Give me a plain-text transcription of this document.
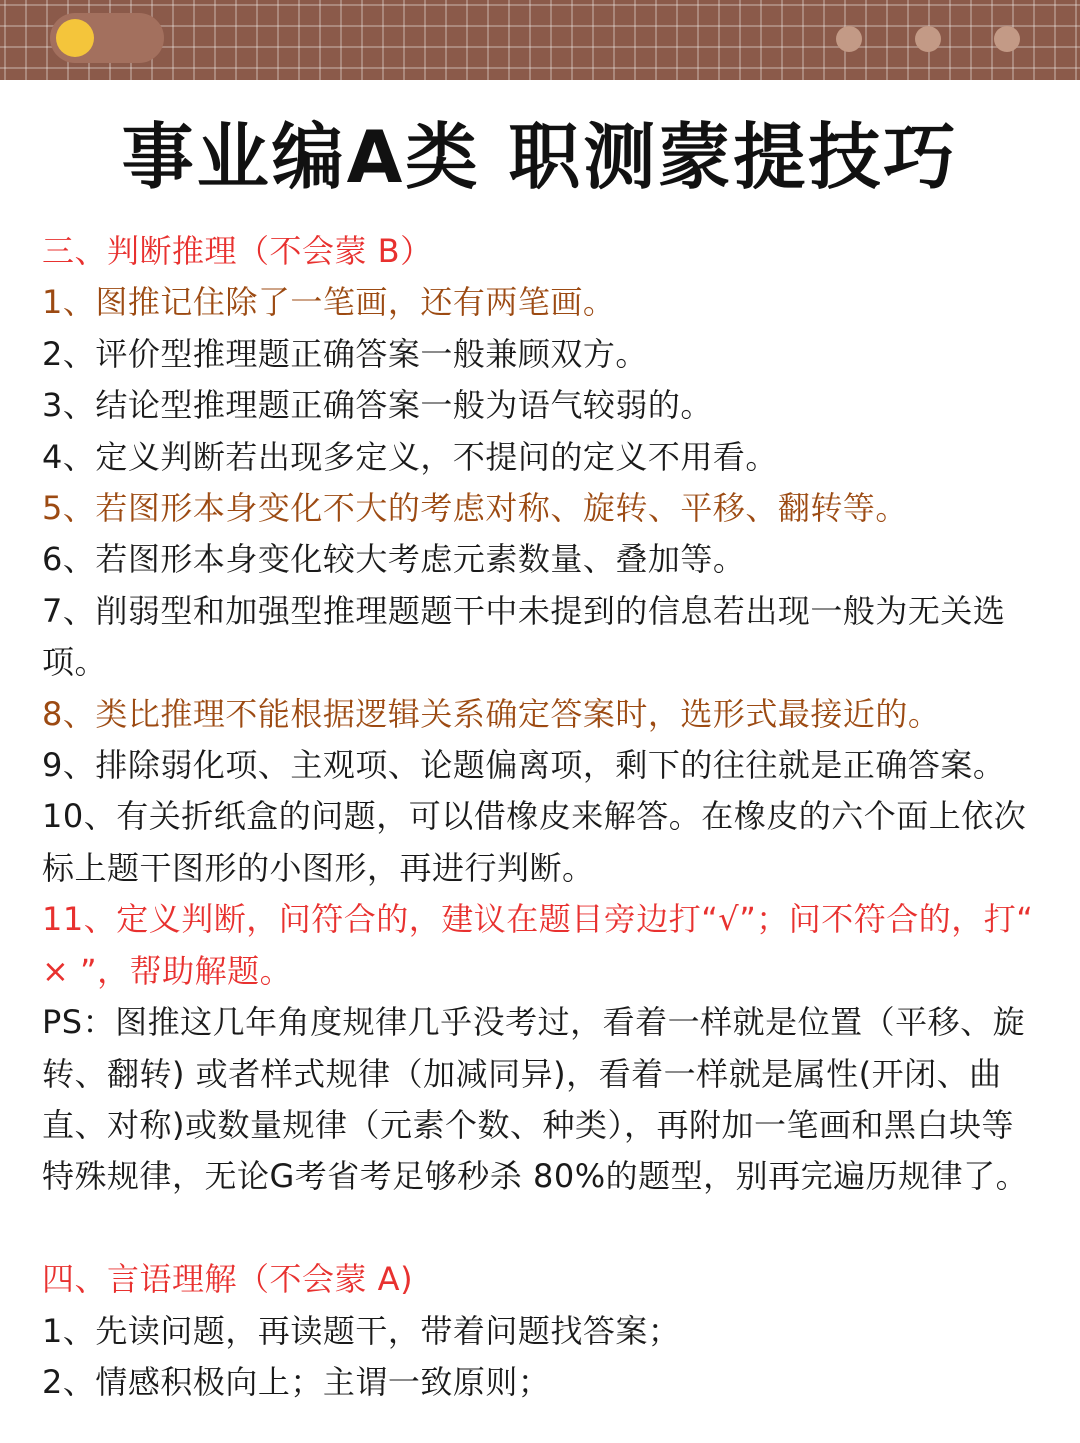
事业编A类 职测蒙提技巧
三、判断推理（不会蒙 B）
1、图推记住除了一笔画，还有两笔画。
2、评价型推理题正确答案一般兼顾双方。
3、结论型推理题正确答案一般为语气较弱的。
4、定义判断若出现多定义，不提问的定义不用看。
5、若图形本身变化不大的考虑对称、旋转、平移、翻转等。
6、若图形本身变化较大考虑元素数量、叠加等。
7、削弱型和加强型推理题题干中未提到的信息若出现一般为无关选项。
8、类比推理不能根据逻辑关系确定答案时，选形式最接近的。
9、排除弱化项、主观项、论题偏离项，剩下的往往就是正确答案。
10、有关折纸盒的问题，可以借橡皮来解答。在橡皮的六个面上依次标上题干图形的小图形，再进行判断。
11、定义判断，问符合的，建议在题目旁边打“√”；问不符合的，打“ × ”，帮助解题。
PS：图推这几年角度规律几乎没考过，看着一样就是位置（平移、旋转、翻转) 或者样式规律（加减同异)，看着一样就是属性(开闭、曲直、对称)或数量规律（元素个数、种类），再附加一笔画和黑白块等特殊规律，无论G考省考足够秒杀 80%的题型，别再完遍历规律了。
四、言语理解（不会蒙 A)
1、先读问题，再读题干，带着问题找答案；
2、情感积极向上；主谓一致原则；
